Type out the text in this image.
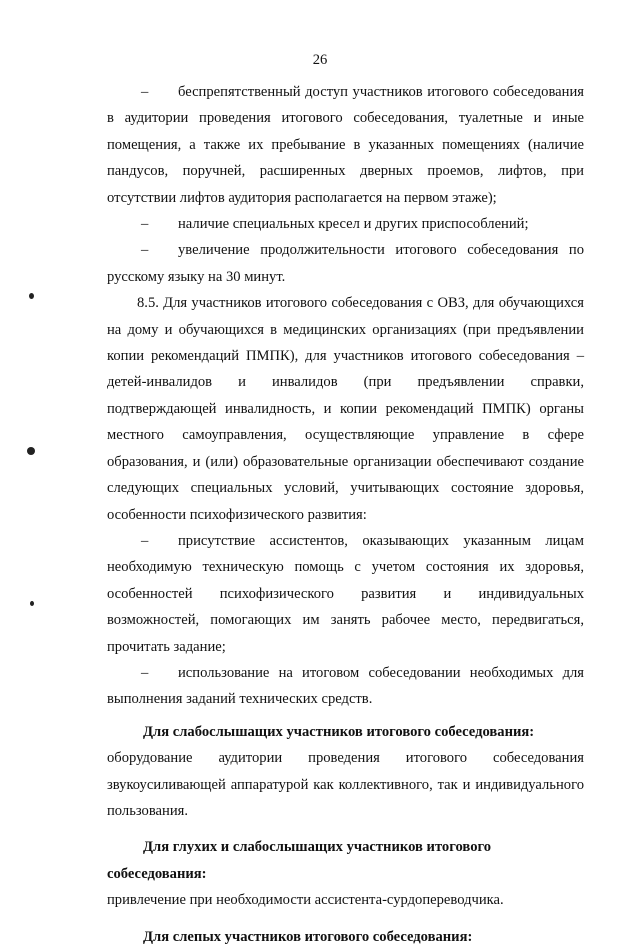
26

– беспрепятственный доступ участников итогового собеседования в аудитории проведения итогового собеседования, туалетные и иные помещения, а также их пребывание в указанных помещениях (наличие пандусов, поручней, расширенных дверных проемов, лифтов, при отсутствии лифтов аудитория располагается на первом этаже);

– наличие специальных кресел и других приспособлений;

– увеличение продолжительности итогового собеседования по русскому языку на 30 минут.

8.5. Для участников итогового собеседования с ОВЗ, для обучающихся на дому и обучающихся в медицинских организациях (при предъявлении копии рекомендаций ПМПК), для участников итогового собеседования – детей-инвалидов и инвалидов (при предъявлении справки, подтверждающей инвалидность, и копии рекомендаций ПМПК) органы местного самоуправления, осуществляющие управление в сфере образования, и (или) образовательные организации обеспечивают создание следующих специальных условий, учитывающих состояние здоровья, особенности психофизического развития:

– присутствие ассистентов, оказывающих указанным лицам необходимую техническую помощь с учетом состояния их здоровья, особенностей психофизического развития и индивидуальных возможностей, помогающих им занять рабочее место, передвигаться, прочитать задание;

– использование на итоговом собеседовании необходимых для выполнения заданий технических средств.

Для слабослышащих участников итогового собеседования:

оборудование аудитории проведения итогового собеседования звукоусиливающей аппаратурой как коллективного, так и индивидуального пользования.

Для глухих и слабослышащих участников итогового собеседования:

привлечение при необходимости ассистента-сурдопереводчика.

Для слепых участников итогового собеседования:
